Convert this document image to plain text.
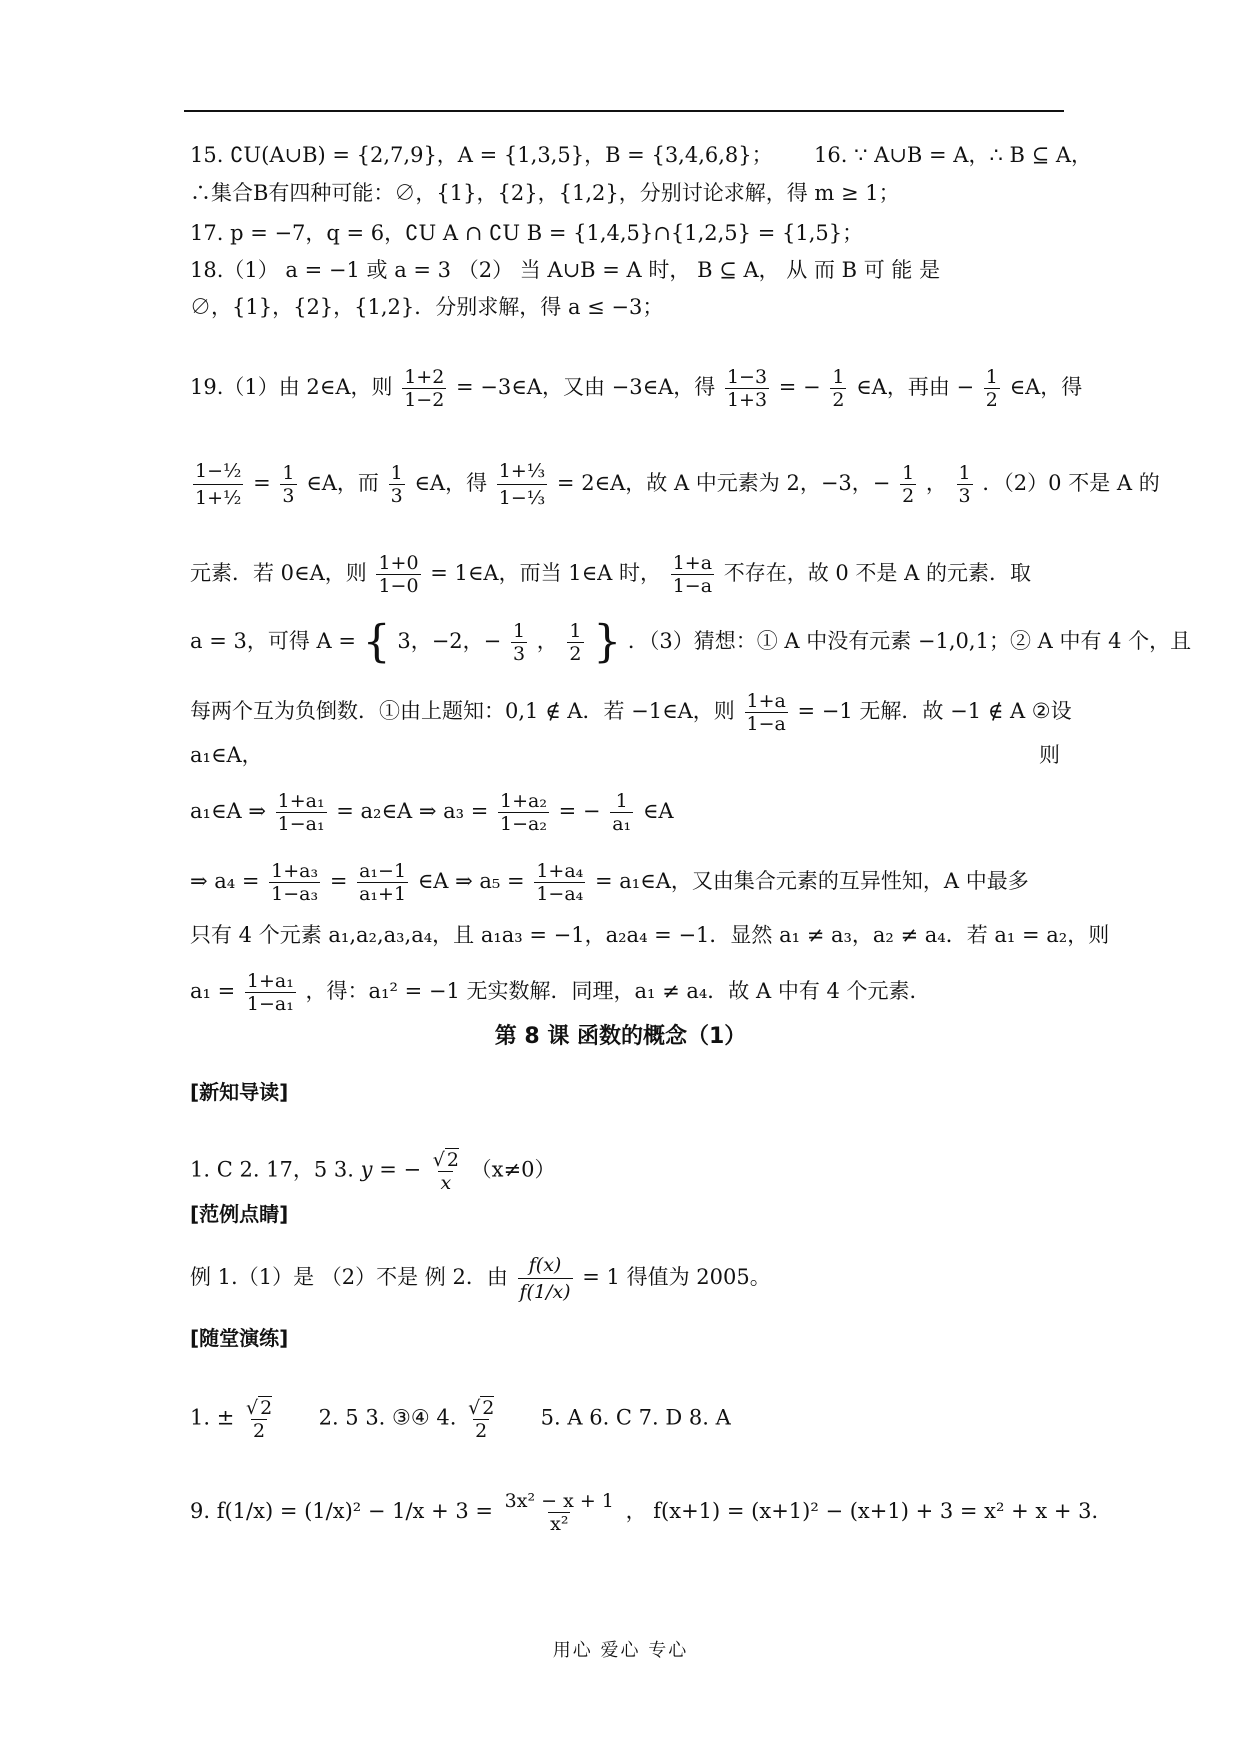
15. ∁U(A∪B) = {2,7,9}，A = {1,3,5}，B = {3,4,6,8}； 16. ∵ A∪B = A，∴ B ⊆ A，
∴集合B有四种可能：∅，{1}，{2}，{1,2}，分别讨论求解，得 m ≥ 1；
17. p = −7，q = 6，∁U A ∩ ∁U B = {1,4,5}∩{1,2,5} = {1,5}；
18.（1） a = −1 或 a = 3 （2） 当 A∪B = A 时， B ⊆ A， 从 而 B 可 能 是
∅，{1}，{2}，{1,2}．分别求解，得 a ≤ −3；
19.（1）由 2∈A，则 $\frac{1+2}{1-2}$ = −3∈A，又由 −3∈A，得 $\frac{1-3}{1+3}$ = − $\frac{1}{2}$ ∈A，再由 − $\frac{1}{2}$ ∈A，得
$\frac{\text{1−½}}{\text{1+½}} = \frac{1}{3}$ ∈A，而 $\frac{1}{3}$ ∈A，得 $\frac{\text{1+⅓}}{\text{1−⅓}}$ = 2∈A，故 A 中元素为 2，−3，− $\frac{1}{2}$ ， $\frac{1}{3}$ ．（2）0 不是 A 的
元素．若 0∈A，则 $\frac{1+0}{1-0}$ = 1∈A，而当 1∈A 时， $\frac{1+a}{1-a}$ 不存在，故 0 不是 A 的元素．取
a = 3，可得 A = { 3，−2，− $\frac{1}{3}$ ， $\frac{1}{2}$ } ．（3）猜想：① A 中没有元素 −1,0,1；② A 中有 4 个，且
每两个互为负倒数．①由上题知：0,1 ∉ A．若 −1∈A，则 $\frac{1+a}{1-a} = -1$ 无解．故 −1 ∉ A ②设
a₁∈A，	则
a₁∈A ⇒ $\frac{\text{1+a₁}}{\text{1−a₁}}$ = a₂∈A ⇒ $a_3 = \frac{\text{1+a₂}}{\text{1−a₂}}$ = − $\frac{1}{\text{a₁}}$ ∈A
⇒ $a_4 = \frac{\text{1+a₃}}{\text{1−a₃}} = \frac{\text{a₁−1}}{\text{a₁+1}}$ ∈A ⇒ $a_5 = \frac{\text{1+a₄}}{\text{1−a₄}}$ = a₁∈A，又由集合元素的互异性知，A 中最多
只有 4 个元素 a₁,a₂,a₃,a₄，且 a₁a₃ = −1，a₂a₄ = −1．显然 a₁ ≠ a₃，a₂ ≠ a₄．若 a₁ = a₂，则
$a_1 = \frac{\text{1+a₁}}{\text{1−a₁}}$ ，得：a₁² = −1 无实数解．同理，a₁ ≠ a₄．故 A 中有 4 个元素．
第 8 课 函数的概念（1）
[新知导读]
1. C 2. 17，5 3. y = − $\frac{√ 2}{x} (x\ne 0)$
[范例点睛]
例 1.（1）是 （2）不是 例 2．由 $\frac{f(x)}{f(1/x)} = 1$ 得值为 2005。
[随堂演练]
1. ± $\frac{√ 2}{2} 2$. 5 3. ③④ 4. $\frac{√ 2}{2} 5$. A 6. C 7. D 8. A
9. $f(1/x) = (1/x)^2 - 1/x + 3 = \frac{\text{3x² − x + 1}}{\text{x²}}$ ， f(x+1) = (x+1)² − (x+1) + 3 = x² + x + 3．
用心 爱心 专心
